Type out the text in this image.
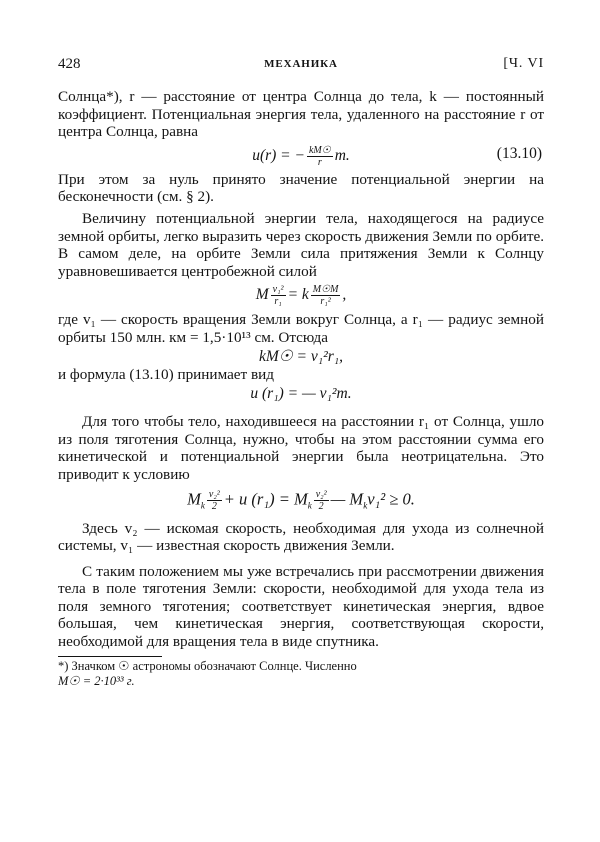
428	МЕХАНИКА	[Ч. VI

Солнца*), r — расстояние от центра Солнца до тела, k — постоянный коэффициент. Потенциальная энергия тела, удаленного на расстояние r от центра Солнца, равна

u(r) = − $\frac{kM☉}{r} m$.	(13.10)

При этом за нуль принято значение потенциальной энергии на бесконечности (см. § 2).

Величину потенциальной энергии тела, находящегося на радиусе земной орбиты, легко выразить через скорость движения Земли по орбите. В самом деле, на орбите Земли сила притяжения Земли к Солнцу уравновешивается центробежной силой

M $\frac{\text{v₁²}}{\text{r₁}} = k \frac{M☉M}{\text{r₁²}}$ ,

где v₁ — скорость вращения Земли вокруг Солнца, а r₁ — радиус земной орбиты 150 млн. км = 1,5·10¹³ см. Отсюда

kM☉ = v₁²r₁,

и формула (13.10) принимает вид

u (r₁) = — v₁²m.

Для того чтобы тело, находившееся на расстоянии r₁ от Солнца, ушло из поля тяготения Солнца, нужно, чтобы на этом расстоянии сумма его кинетической и потенциальной энергии была неотрицательна. Это приводит к условию

$M_k \frac{\text{v₂²}}{2} + u$ $(r_1) = M_k \frac{\text{v₂²}}{2}$ — $M_kv_1^2 \ge 0$.

Здесь v₂ — искомая скорость, необходимая для ухода из солнечной системы, v₁ — известная скорость движения Земли.

С таким положением мы уже встречались при рассмотрении движения тела в поле тяготения Земли: скорости, необходимой для ухода тела из поля земного тяготения; соответствует кинетическая энергия, вдвое большая, чем кинетическая энергия, соответствующая скорости, необходимой для вращения тела в виде спутника.

*) Значком ☉ астрономы обозначают Солнце. Численно
M☉ = 2·10³³ г.
